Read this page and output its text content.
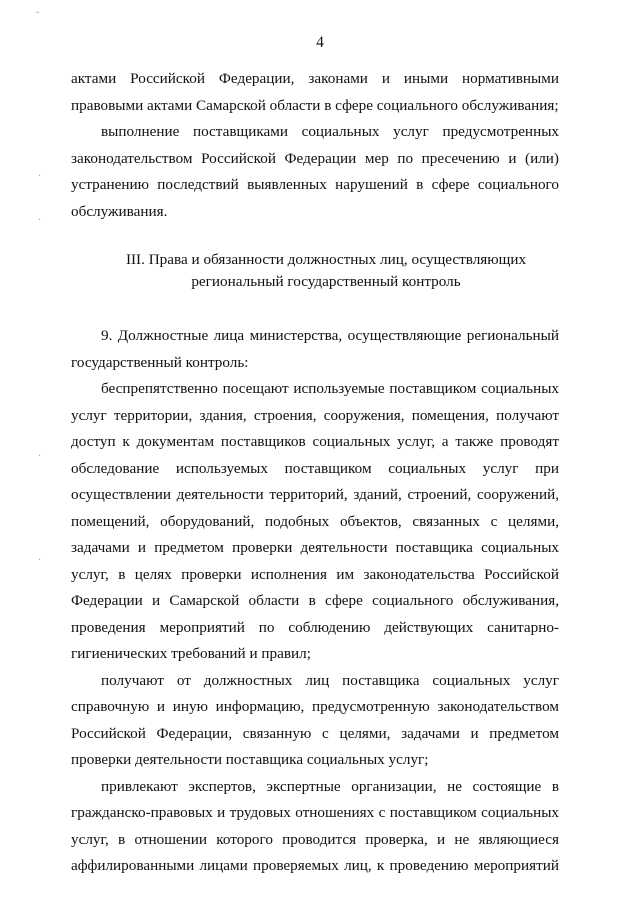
4
актами Российской Федерации, законами и иными нормативными
правовыми актами Самарской области в сфере социального обслуживания;
выполнение поставщиками социальных услуг предусмотренных
законодательством Российской Федерации мер по пресечению и (или)
устранению последствий выявленных нарушений в сфере социального
обслуживания.
III. Права и обязанности должностных лиц, осуществляющих
региональный государственный контроль
9. Должностные лица министерства, осуществляющие региональный
государственный контроль:
беспрепятственно посещают используемые поставщиком социальных
услуг территории, здания, строения, сооружения, помещения, получают
доступ к документам поставщиков социальных услуг, а также проводят
обследование используемых поставщиком социальных услуг при
осуществлении деятельности территорий, зданий, строений, сооружений,
помещений, оборудований, подобных объектов, связанных с целями,
задачами и предметом проверки деятельности поставщика социальных
услуг, в целях проверки исполнения им законодательства Российской
Федерации и Самарской области в сфере социального обслуживания,
проведения мероприятий по соблюдению действующих санитарно-
гигиенических требований и правил;
получают от должностных лиц поставщика социальных услуг
справочную и иную информацию, предусмотренную законодательством
Российской Федерации, связанную с целями, задачами и предметом
проверки деятельности поставщика социальных услуг;
привлекают экспертов, экспертные организации, не состоящие в
гражданско-правовых и трудовых отношениях с поставщиком социальных
услуг, в отношении которого проводится проверка, и не являющиеся
аффилированными лицами проверяемых лиц, к проведению мероприятий
ˇ
·
·
·
·
